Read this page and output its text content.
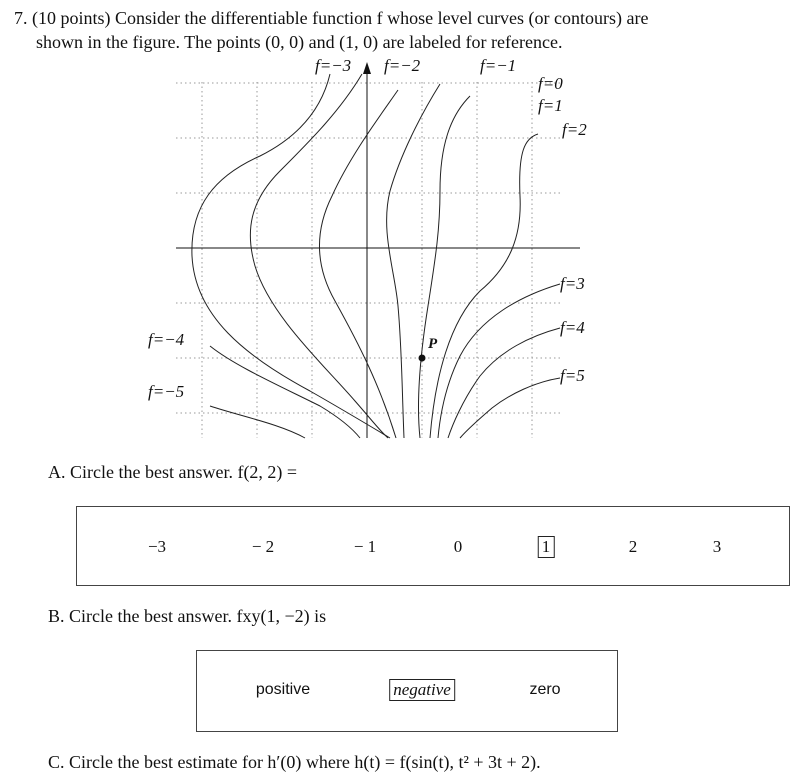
7. (10 points) Consider the differentiable function f whose level curves (or contours) are
shown in the figure. The points (0, 0) and (1, 0) are labeled for reference.
f=−3 f=−2	f=−1
f=0
f=1
f=2
f=3
f=4
f=5
f=−4
f=−5
P
A. Circle the best answer. f(2, 2) =
−3	− 2	− 1	0	1	2	3
B. Circle the best answer. fxy(1, −2) is
positive	negative	zero
C. Circle the best estimate for h′(0) where h(t) = f(sin(t), t² + 3t + 2).
